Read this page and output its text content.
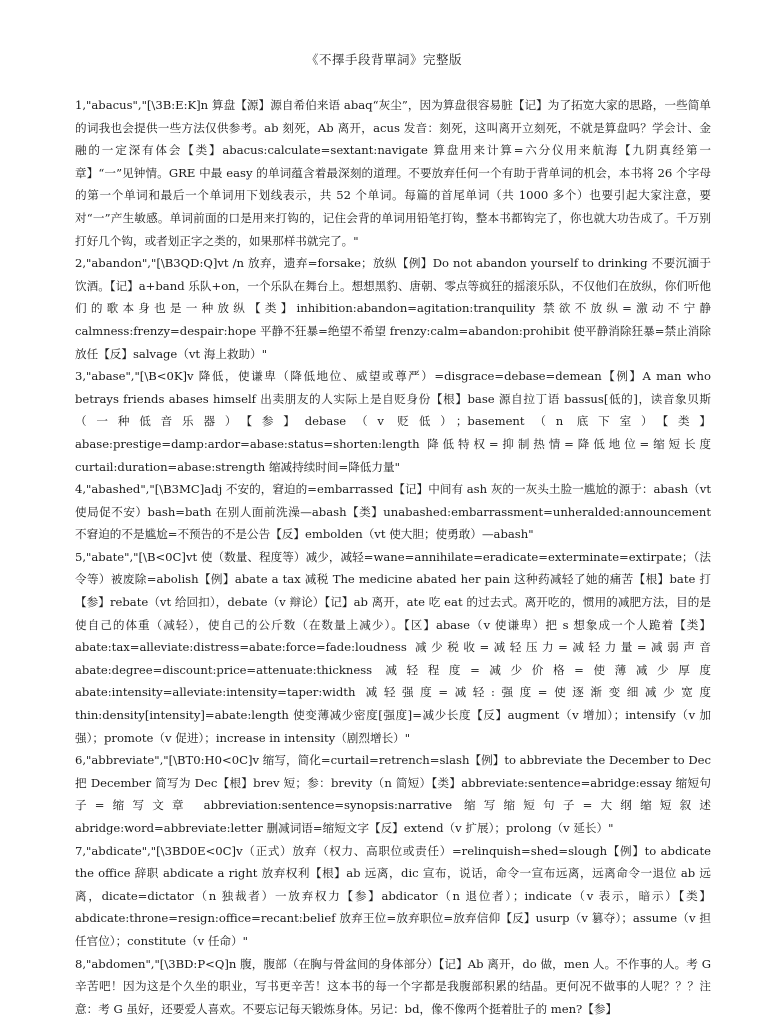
《不擇手段背單詞》完整版

1,"abacus","[\3B:E:K]n 算盘【源】源自希伯来语 abaq“灰尘”，因为算盘很容易脏【记】为了拓宽大家的思路，一些简单的词我也会提供一些方法仅供参考。ab 刻死，Ab 离开，acus 发音：刻死，这叫离开立刻死，不就是算盘吗？学会计、金融的一定深有体会【类】abacus:calculate=sextant:navigate 算盘用来计算=六分仪用来航海【九阴真经第一章】“一”见钟情。GRE 中最 easy 的单词蕴含着最深刻的道理。不要放弃任何一个有助于背单词的机会，本书将 26 个字母的第一个单词和最后一个单词用下划线表示，共 52 个单词。每篇的首尾单词（共 1000 多个）也要引起大家注意，要对“一”产生敏感。单词前面的口是用来打钩的，记住会背的单词用铅笔打钩，整本书都钩完了，你也就大功告成了。千万别打好几个钩，或者划正字之类的，如果那样书就完了。"

2,"abandon","[\B3QD:Q]vt /n 放弃，遗弃=forsake；放纵【例】Do not abandon yourself to drinking 不要沉湎于饮酒。【记】a+band 乐队+on，一个乐队在舞台上。想想黑豹、唐朝、零点等疯狂的摇滚乐队，不仅他们在放纵，你们听他们的歌本身也是一种放纵【类】inhibition:abandon=agitation:tranquility 禁欲不放纵=激动不宁静 calmness:frenzy=despair:hope 平静不狂暴=绝望不希望 frenzy:calm=abandon:prohibit 使平静消除狂暴=禁止消除放任【反】salvage（vt 海上救助）"

3,"abase","[\B<0K]v 降低，使谦卑（降低地位、威望或尊严）=disgrace=debase=demean【例】A man who betrays friends abases himself 出卖朋友的人实际上是自贬身份【根】base 源自拉丁语 bassus[低的]，读音象贝斯（一种低音乐器）【参】debase（v 贬低）；basement（n 底下室）【类】abase:prestige=damp:ardor=abase:status=shorten:length 降低特权=抑制热情=降低地位=缩短长度 curtail:duration=abase:strength 缩减持续时间=降低力量"

4,"abashed","[\B3MC]adj 不安的，窘迫的=embarrassed【记】中间有 ash 灰的一灰头土脸一尴尬的源于：abash（vt 使局促不安）bash=bath 在别人面前洗澡—abash【类】unabashed:embarrassment=unheralded:announcement 不窘迫的不是尴尬=不预告的不是公告【反】embolden（vt 使大胆；使勇敢）—abash"

5,"abate","[\B<0C]vt 使（数量、程度等）减少，减轻=wane=annihilate=eradicate=exterminate=extirpate；（法令等）被废除=abolish【例】abate a tax 减税 The medicine abated her pain 这种药减轻了她的痛苦【根】bate 打【参】rebate（vt 给回扣），debate（v 辩论）【记】ab 离开，ate 吃 eat 的过去式。离开吃的，惯用的减肥方法，目的是使自己的体重（减轻），使自己的公斤数（在数量上减少）。【区】abase（v 使谦卑）把 s 想象成一个人跪着【类】abate:tax=alleviate:distress=abate:force=fade:loudness 减少税收=减轻压力=减轻力量=减弱声音 abate:degree=discount:price=attenuate:thickness 减轻程度=减少价格=使薄减少厚度 abate:intensity=alleviate:intensity=taper:width 减轻强度=减轻:强度=使逐渐变细减少宽度 thin:density[intensity]=abate:length 使变薄减少密度[强度]=减少长度【反】augment（v 增加）；intensify（v 加强）；promote（v 促进）；increase in intensity（剧烈增长）"

6,"abbreviate","[\BT0:H0<0C]v 缩写，简化=curtail=retrench=slash【例】to abbreviate the December to Dec 把 December 简写为 Dec【根】brev 短；参：brevity（n 简短）【类】abbreviate:sentence=abridge:essay 缩短句子=缩写文章 abbreviation:sentence=synopsis:narrative 缩写缩短句子=大纲缩短叙述 abridge:word=abbreviate:letter 删减词语=缩短文字【反】extend（v 扩展）；prolong（v 延长）"

7,"abdicate","[\3BD0E<0C]v（正式）放弃（权力、高职位或责任）=relinquish=shed=slough【例】to abdicate the office 辞职 abdicate a right 放弃权利【根】ab 远离，dic 宣布，说话，命令一宣布远离，远离命令一退位 ab 远离，dicate=dictator（n 独裁者）一放弃权力【参】abdicator（n 退位者）；indicate（v 表示，暗示）【类】abdicate:throne=resign:office=recant:belief 放弃王位=放弃职位=放弃信仰【反】usurp（v 篡夺）；assume（v 担任官位）；constitute（v 任命）"

8,"abdomen","[\3BD:P<Q]n 腹，腹部（在胸与骨盆间的身体部分）【记】Ab 离开，do 做，men 人。不作事的人。考 G 辛苦吧！因为这是个久坐的职业，写书更辛苦！这本书的每一个字都是我腹部积累的结晶。更何况不做事的人呢？？？注意：考 G 虽好，还要爱人喜欢。不要忘记每天锻炼身体。另记：bd，像不像两个挺着肚子的 men?【参】
